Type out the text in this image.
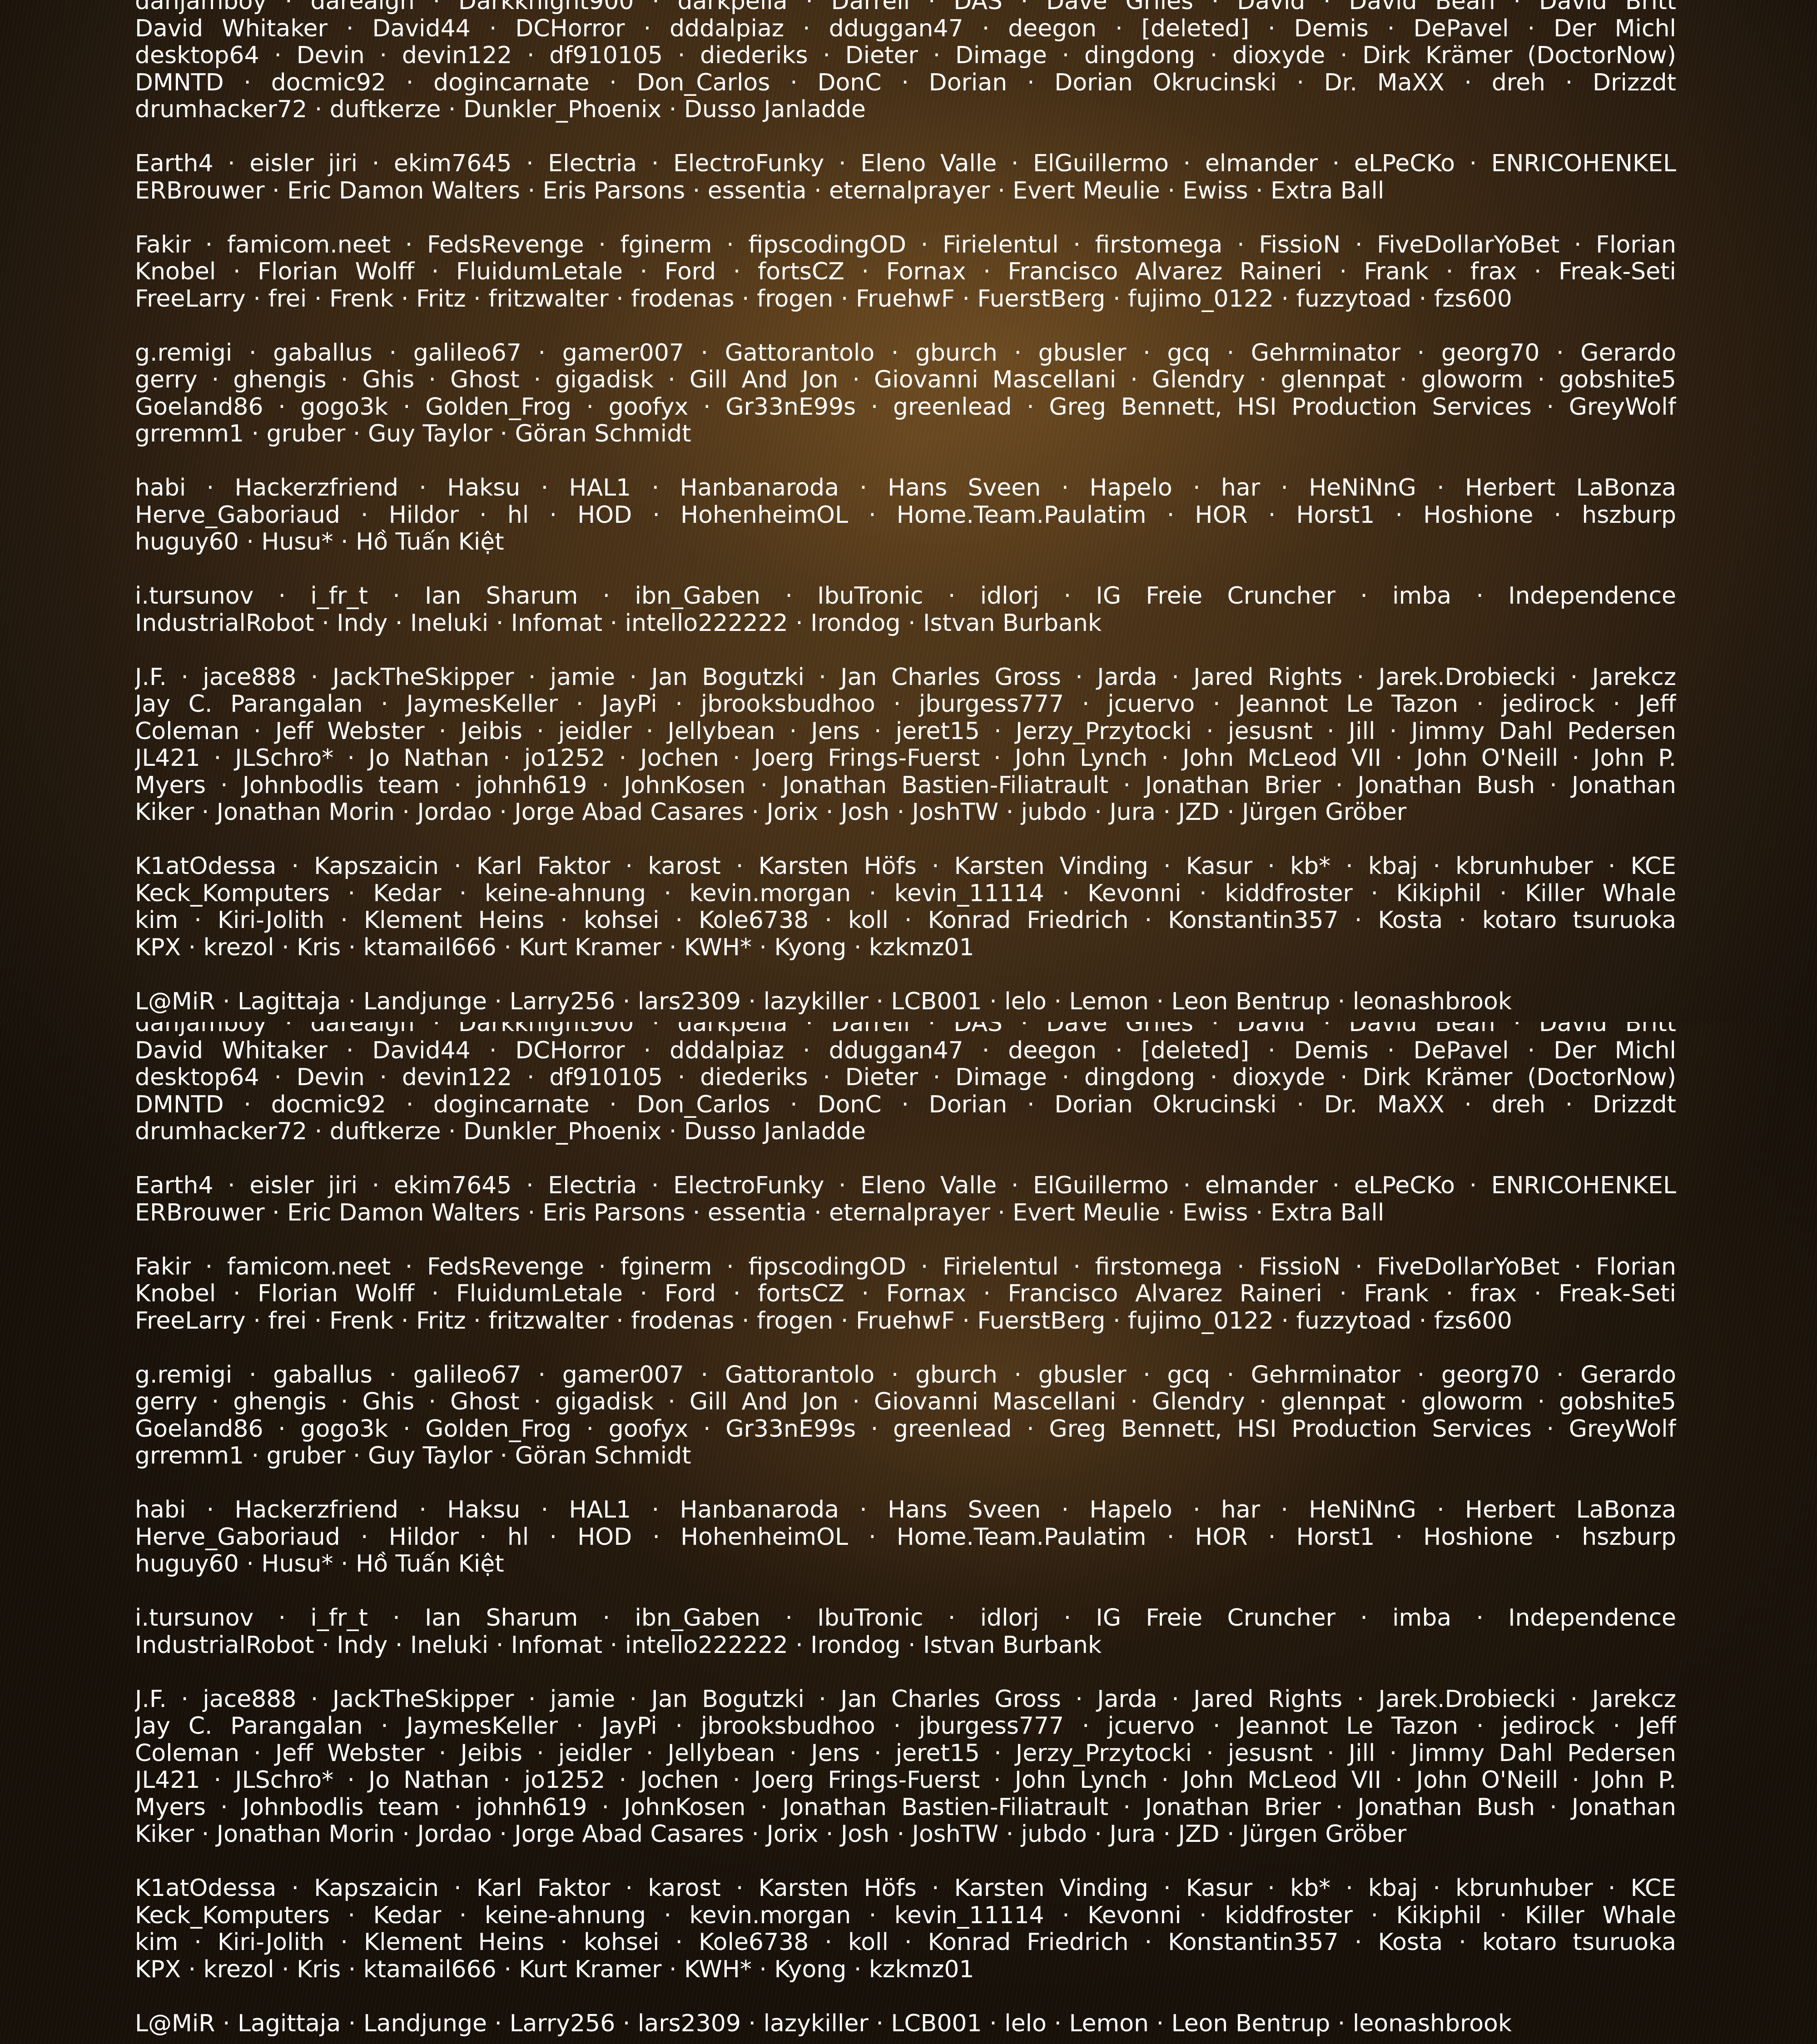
danjamboy · darealgh · Darkknight900 · darkpella · Darrell · DAS · Dave Griles · David · David Bean · David Britt
David Whitaker · David44 · DCHorror · dddalpiaz · dduggan47 · deegon · [deleted] · Demis · DePavel · Der Michl
desktop64 · Devin · devin122 · df910105 · diederiks · Dieter · Dimage · dingdong · dioxyde · Dirk Krämer (DoctorNow)
DMNTD · docmic92 · dogincarnate · Don_Carlos · DonC · Dorian · Dorian Okrucinski · Dr. MaXX · dreh · Drizzdt
drumhacker72 · duftkerze · Dunkler_Phoenix · Dusso Janladde
Earth4 · eisler jiri · ekim7645 · Electria · ElectroFunky · Eleno Valle · ElGuillermo · elmander · eLPeCKo · ENRICOHENKEL
ERBrouwer · Eric Damon Walters · Eris Parsons · essentia · eternalprayer · Evert Meulie · Ewiss · Extra Ball
Fakir · famicom.neet · FedsRevenge · fginerm · fipscodingOD · Firielentul · firstomega · FissioN · FiveDollarYoBet · Florian
Knobel · Florian Wolff · FluidumLetale · Ford · fortsCZ · Fornax · Francisco Alvarez Raineri · Frank · frax · Freak-Seti
FreeLarry · frei · Frenk · Fritz · fritzwalter · frodenas · frogen · FruehwF · FuerstBerg · fujimo_0122 · fuzzytoad · fzs600
g.remigi · gaballus · galileo67 · gamer007 · Gattorantolo · gburch · gbusler · gcq · Gehrminator · georg70 · Gerardo
gerry · ghengis · Ghis · Ghost · gigadisk · Gill And Jon · Giovanni Mascellani · Glendry · glennpat · gloworm · gobshite5
Goeland86 · gogo3k · Golden_Frog · goofyx · Gr33nE99s · greenlead · Greg Bennett, HSI Production Services · GreyWolf
grremm1 · gruber · Guy Taylor · Göran Schmidt
habi · Hackerzfriend · Haksu · HAL1 · Hanbanaroda · Hans Sveen · Hapelo · har · HeNiNnG · Herbert LaBonza
Herve_Gaboriaud · Hildor · hl · HOD · HohenheimOL · Home.Team.Paulatim · HOR · Horst1 · Hoshione · hszburp
huguy60 · Husu* · Hồ Tuấn Kiệt
i.tursunov · i_fr_t · Ian Sharum · ibn_Gaben · IbuTronic · idlorj · IG Freie Cruncher · imba · Independence
IndustrialRobot · Indy · Ineluki · Infomat · intello222222 · Irondog · Istvan Burbank
J.F. · jace888 · JackTheSkipper · jamie · Jan Bogutzki · Jan Charles Gross · Jarda · Jared Rights · Jarek.Drobiecki · Jarekcz
Jay C. Parangalan · JaymesKeller · JayPi · jbrooksbudhoo · jburgess777 · jcuervo · Jeannot Le Tazon · jedirock · Jeff
Coleman · Jeff Webster · Jeibis · jeidler · Jellybean · Jens · jeret15 · Jerzy_Przytocki · jesusnt · Jill · Jimmy Dahl Pedersen
JL421 · JLSchro* · Jo Nathan · jo1252 · Jochen · Joerg Frings-Fuerst · John Lynch · John McLeod VII · John O'Neill · John P.
Myers · Johnbodlis team · johnh619 · JohnKosen · Jonathan Bastien-Filiatrault · Jonathan Brier · Jonathan Bush · Jonathan
Kiker · Jonathan Morin · Jordao · Jorge Abad Casares · Jorix · Josh · JoshTW · jubdo · Jura · JZD · Jürgen Gröber
K1atOdessa · Kapszaicin · Karl Faktor · karost · Karsten Höfs · Karsten Vinding · Kasur · kb* · kbaj · kbrunhuber · KCE
Keck_Komputers · Kedar · keine-ahnung · kevin.morgan · kevin_11114 · Kevonni · kiddfroster · Kikiphil · Killer Whale
kim · Kiri-Jolith · Klement Heins · kohsei · Kole6738 · koll · Konrad Friedrich · Konstantin357 · Kosta · kotaro tsuruoka
KPX · krezol · Kris · ktamail666 · Kurt Kramer · KWH* · Kyong · kzkmz01
L@MiR · Lagittaja · Landjunge · Larry256 · lars2309 · lazykiller · LCB001 · lelo · Lemon · Leon Bentrup · leonashbrook
danjamboy · darealgh · Darkknight900 · darkpella · Darrell · DAS · Dave Griles · David · David Bean · David Britt
David Whitaker · David44 · DCHorror · dddalpiaz · dduggan47 · deegon · [deleted] · Demis · DePavel · Der Michl
desktop64 · Devin · devin122 · df910105 · diederiks · Dieter · Dimage · dingdong · dioxyde · Dirk Krämer (DoctorNow)
DMNTD · docmic92 · dogincarnate · Don_Carlos · DonC · Dorian · Dorian Okrucinski · Dr. MaXX · dreh · Drizzdt
drumhacker72 · duftkerze · Dunkler_Phoenix · Dusso Janladde
Earth4 · eisler jiri · ekim7645 · Electria · ElectroFunky · Eleno Valle · ElGuillermo · elmander · eLPeCKo · ENRICOHENKEL
ERBrouwer · Eric Damon Walters · Eris Parsons · essentia · eternalprayer · Evert Meulie · Ewiss · Extra Ball
Fakir · famicom.neet · FedsRevenge · fginerm · fipscodingOD · Firielentul · firstomega · FissioN · FiveDollarYoBet · Florian
Knobel · Florian Wolff · FluidumLetale · Ford · fortsCZ · Fornax · Francisco Alvarez Raineri · Frank · frax · Freak-Seti
FreeLarry · frei · Frenk · Fritz · fritzwalter · frodenas · frogen · FruehwF · FuerstBerg · fujimo_0122 · fuzzytoad · fzs600
g.remigi · gaballus · galileo67 · gamer007 · Gattorantolo · gburch · gbusler · gcq · Gehrminator · georg70 · Gerardo
gerry · ghengis · Ghis · Ghost · gigadisk · Gill And Jon · Giovanni Mascellani · Glendry · glennpat · gloworm · gobshite5
Goeland86 · gogo3k · Golden_Frog · goofyx · Gr33nE99s · greenlead · Greg Bennett, HSI Production Services · GreyWolf
grremm1 · gruber · Guy Taylor · Göran Schmidt
habi · Hackerzfriend · Haksu · HAL1 · Hanbanaroda · Hans Sveen · Hapelo · har · HeNiNnG · Herbert LaBonza
Herve_Gaboriaud · Hildor · hl · HOD · HohenheimOL · Home.Team.Paulatim · HOR · Horst1 · Hoshione · hszburp
huguy60 · Husu* · Hồ Tuấn Kiệt
i.tursunov · i_fr_t · Ian Sharum · ibn_Gaben · IbuTronic · idlorj · IG Freie Cruncher · imba · Independence
IndustrialRobot · Indy · Ineluki · Infomat · intello222222 · Irondog · Istvan Burbank
J.F. · jace888 · JackTheSkipper · jamie · Jan Bogutzki · Jan Charles Gross · Jarda · Jared Rights · Jarek.Drobiecki · Jarekcz
Jay C. Parangalan · JaymesKeller · JayPi · jbrooksbudhoo · jburgess777 · jcuervo · Jeannot Le Tazon · jedirock · Jeff
Coleman · Jeff Webster · Jeibis · jeidler · Jellybean · Jens · jeret15 · Jerzy_Przytocki · jesusnt · Jill · Jimmy Dahl Pedersen
JL421 · JLSchro* · Jo Nathan · jo1252 · Jochen · Joerg Frings-Fuerst · John Lynch · John McLeod VII · John O'Neill · John P.
Myers · Johnbodlis team · johnh619 · JohnKosen · Jonathan Bastien-Filiatrault · Jonathan Brier · Jonathan Bush · Jonathan
Kiker · Jonathan Morin · Jordao · Jorge Abad Casares · Jorix · Josh · JoshTW · jubdo · Jura · JZD · Jürgen Gröber
K1atOdessa · Kapszaicin · Karl Faktor · karost · Karsten Höfs · Karsten Vinding · Kasur · kb* · kbaj · kbrunhuber · KCE
Keck_Komputers · Kedar · keine-ahnung · kevin.morgan · kevin_11114 · Kevonni · kiddfroster · Kikiphil · Killer Whale
kim · Kiri-Jolith · Klement Heins · kohsei · Kole6738 · koll · Konrad Friedrich · Konstantin357 · Kosta · kotaro tsuruoka
KPX · krezol · Kris · ktamail666 · Kurt Kramer · KWH* · Kyong · kzkmz01
L@MiR · Lagittaja · Landjunge · Larry256 · lars2309 · lazykiller · LCB001 · lelo · Lemon · Leon Bentrup · leonashbrook
